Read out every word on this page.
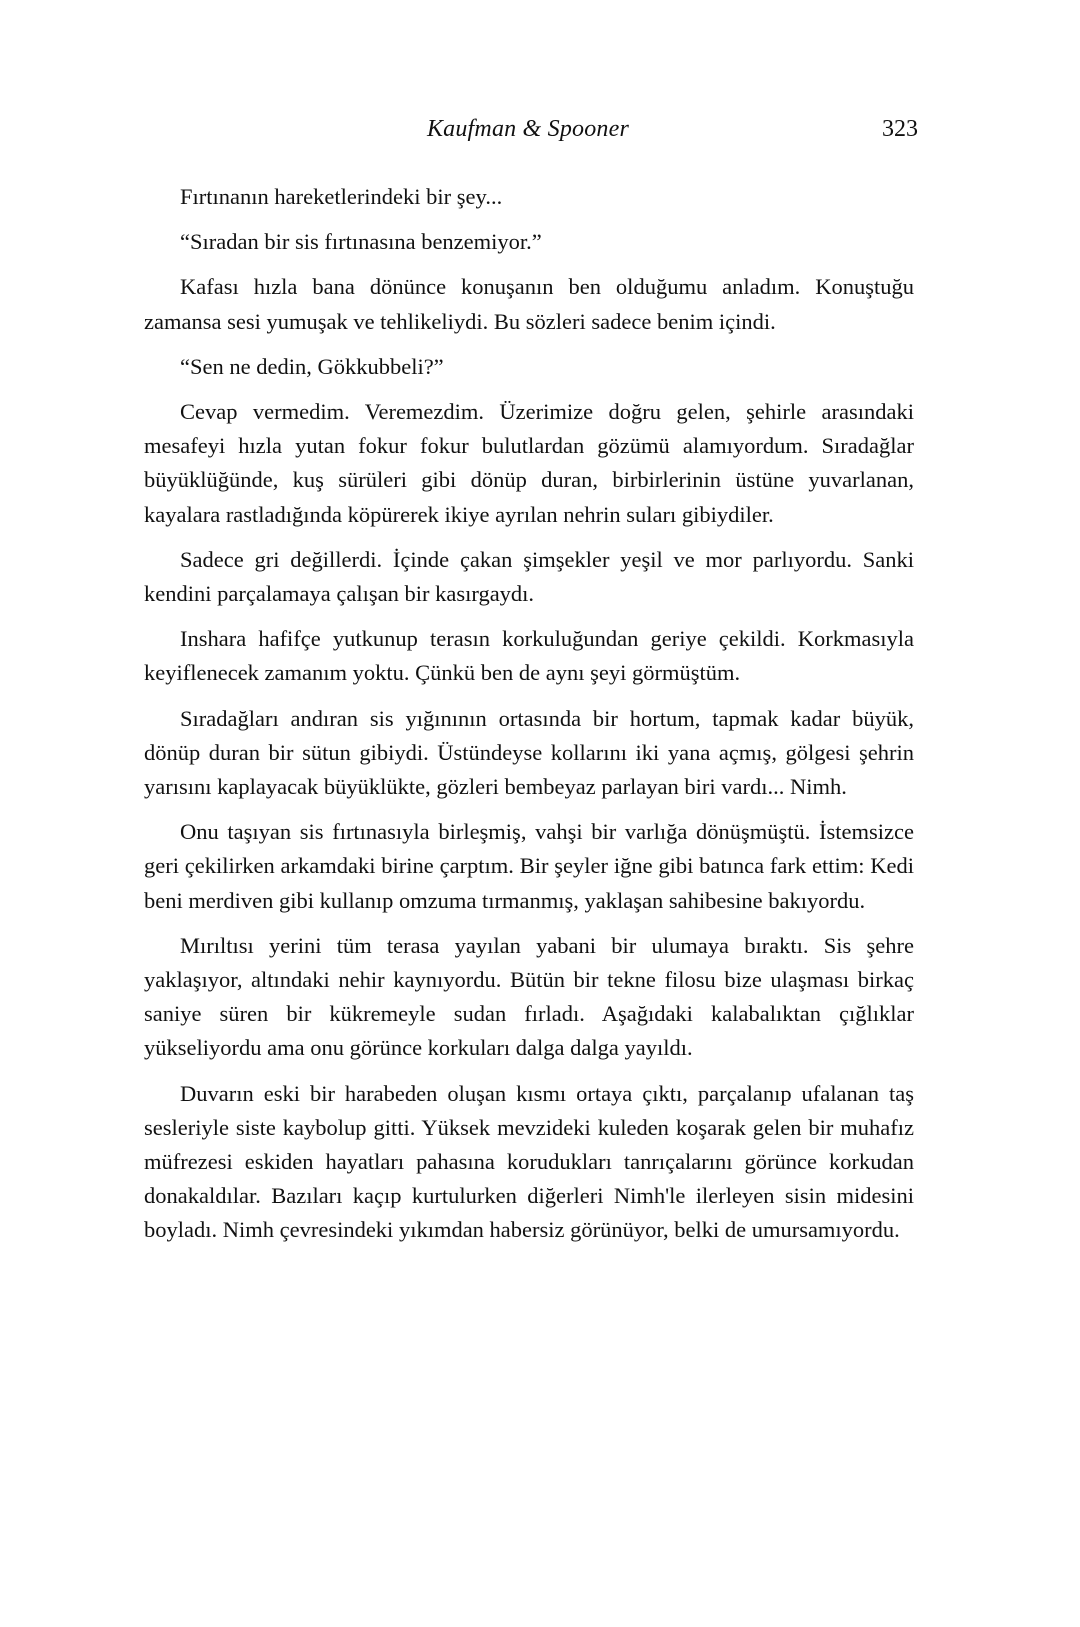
Kaufman & Spooner	323

Fırtınanın hareketlerindeki bir şey...

“Sıradan bir sis fırtınasına benzemiyor.”

Kafası hızla bana dönünce konuşanın ben olduğumu anladım. Konuştuğu zamansa sesi yumuşak ve tehlikeliydi. Bu sözleri sadece benim içindi.

“Sen ne dedin, Gökkubbeli?”

Cevap vermedim. Veremezdim. Üzerimize doğru gelen, şehirle arasındaki mesafeyi hızla yutan fokur fokur bulutlardan gözümü alamıyordum. Sıradağlar büyüklüğünde, kuş sürüleri gibi dönüp duran, birbirlerinin üstüne yuvarlanan, kayalara rastladığında köpürerek ikiye ayrılan nehrin suları gibiydiler.

Sadece gri değillerdi. İçinde çakan şimşekler yeşil ve mor parlıyordu. Sanki kendini parçalamaya çalışan bir kasırgaydı.

Inshara hafifçe yutkunup terasın korkuluğundan geriye çekildi. Korkmasıyla keyiflenecek zamanım yoktu. Çünkü ben de aynı şeyi görmüştüm.

Sıradağları andıran sis yığınının ortasında bir hortum, tapmak kadar büyük, dönüp duran bir sütun gibiydi. Üstündeyse kollarını iki yana açmış, gölgesi şehrin yarısını kaplayacak büyüklükte, gözleri bembeyaz parlayan biri vardı... Nimh.

Onu taşıyan sis fırtınasıyla birleşmiş, vahşi bir varlığa dönüşmüştü. İstemsizce geri çekilirken arkamdaki birine çarptım. Bir şeyler iğne gibi batınca fark ettim: Kedi beni merdiven gibi kullanıp omzuma tırmanmış, yaklaşan sahibesine bakıyordu.

Mırıltısı yerini tüm terasa yayılan yabani bir ulumaya bıraktı. Sis şehre yaklaşıyor, altındaki nehir kaynıyordu. Bütün bir tekne filosu bize ulaşması birkaç saniye süren bir kükremeyle sudan fırladı. Aşağıdaki kalabalıktan çığlıklar yükseliyordu ama onu görünce korkuları dalga dalga yayıldı.

Duvarın eski bir harabeden oluşan kısmı ortaya çıktı, parçalanıp ufalanan taş sesleriyle siste kaybolup gitti. Yüksek mevzideki kuleden koşarak gelen bir muhafız müfrezesi eskiden hayatları pahasına korudukları tanrıçalarını görünce korkudan donakaldılar. Bazıları kaçıp kurtulurken diğerleri Nimh'le ilerleyen sisin midesini boyladı. Nimh çevresindeki yıkımdan habersiz görünüyor, belki de umursamıyordu.
